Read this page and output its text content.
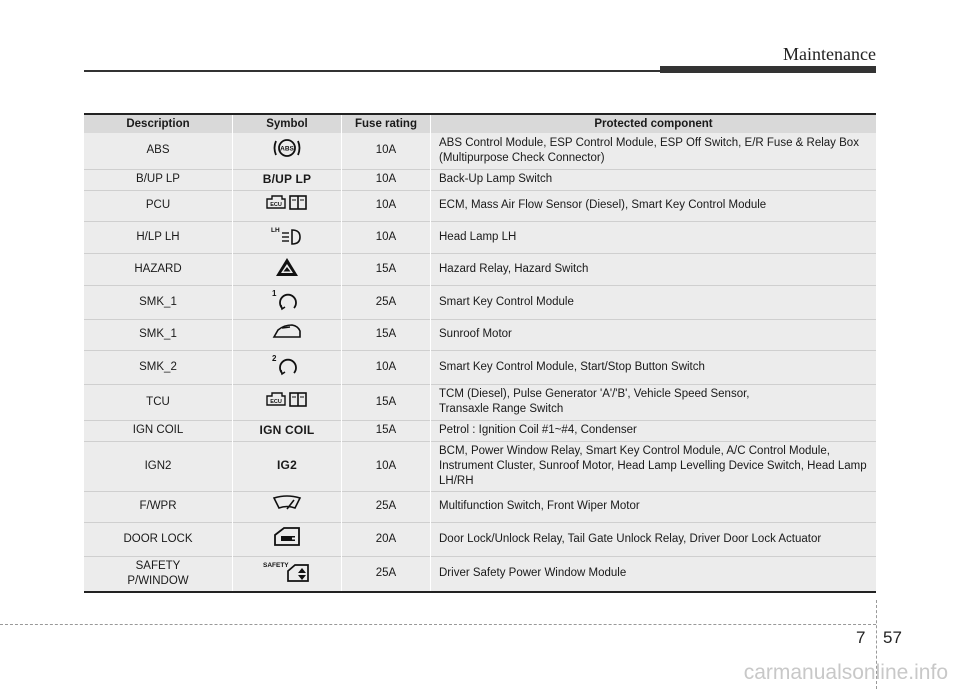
Maintenance
Description	Symbol	Fuse rating	Protected component

ABS	ABS	10A	ABS Control Module, ESP Control Module, ESP Off Switch, E/R Fuse & Relay Box
(Multipurpose Check Connector)

B/UP LP	B/UP LP	10A	Back-Up Lamp Switch

PCU	ECU	10A	ECM, Mass Air Flow Sensor (Diesel), Smart Key Control Module

H/LP LH	LH	10A	Head Lamp LH

HAZARD		15A	Hazard Relay, Hazard Switch

SMK_1	1	25A	Smart Key Control Module

SMK_1		15A	Sunroof Motor

SMK_2	2	10A	Smart Key Control Module, Start/Stop Button Switch

TCU	ECU	15A	TCM (Diesel), Pulse Generator 'A'/'B', Vehicle Speed Sensor,
Transaxle Range Switch

IGN COIL	IGN COIL	15A	Petrol : Ignition Coil #1~#4, Condenser

IGN2	IG2	10A	BCM, Power Window Relay, Smart Key Control Module, A/C Control Module,
Instrument Cluster, Sunroof Motor, Head Lamp Levelling Device Switch, Head Lamp LH/RH

F/WPR		25A	Multifunction Switch, Front Wiper Motor

DOOR LOCK		20A	Door Lock/Unlock Relay, Tail Gate Unlock Relay, Driver Door Lock Actuator

SAFETY
P/WINDOW	SAFETY	25A	Driver Safety Power Window Module
7 57
carmanualsonline.info
